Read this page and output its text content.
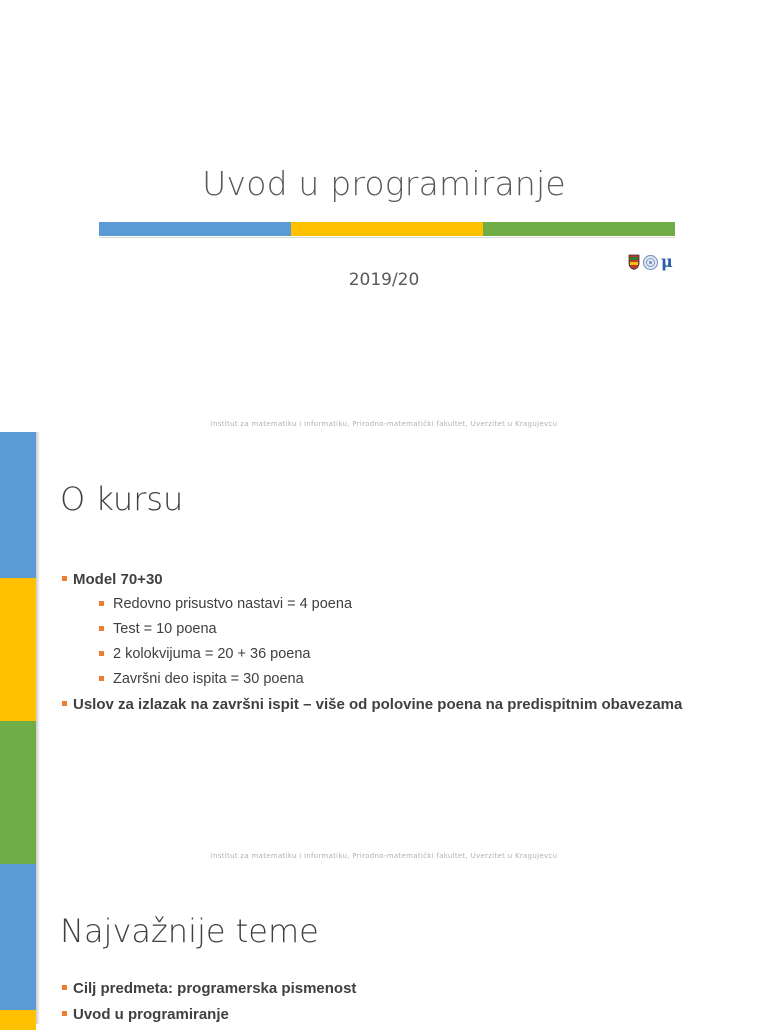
Uvod u programiranje
μ
2019/20
Institut za matematiku i informatiku, Prirodno-matematički fakultet, Uverzitet u Kragujevcu
O kursu
Model 70+30
Redovno prisustvo nastavi = 4 poena
Test = 10 poena
2 kolokvijuma = 20 + 36 poena
Završni deo ispita = 30 poena
Uslov za izlazak na završni ispit – više od polovine poena na predispitnim obavezama
Institut za matematiku i informatiku, Prirodno-matematički fakultet, Uverzitet u Kragujevcu
Najvažnije teme
Cilj predmeta: programerska pismenost
Uvod u programiranje
